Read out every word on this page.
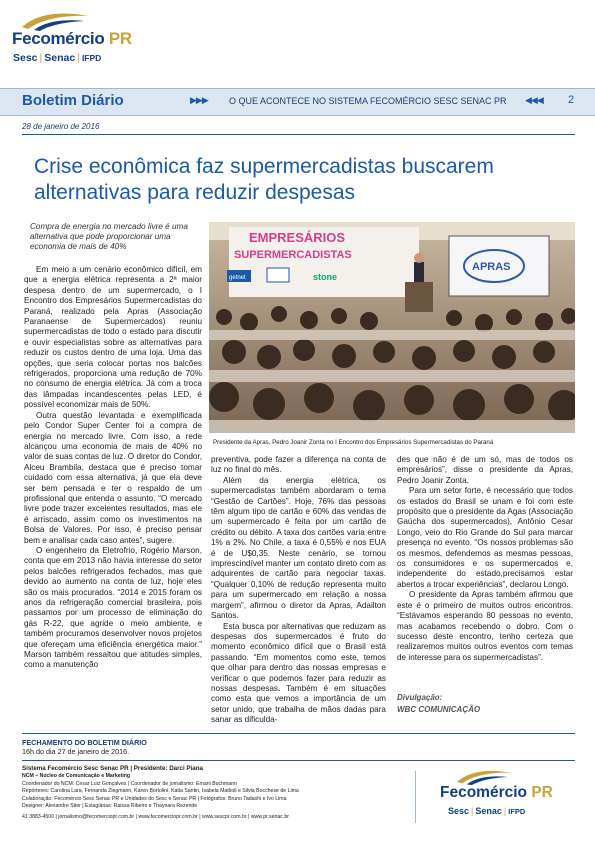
Fecomércio PR
Sesc | Senac | IFPD
Boletim Diário	▶▶▶ O QUE ACONTECE NO SISTEMA FECOMÉRCIO SESC SENAC PR ◀◀◀ 2
28 de janeiro de 2016
Crise econômica faz supermercadistas buscarem
alternativas para reduzir despesas
Compra de energia no mercado livre é uma alternativa que pode proporcionar uma economia de mais de 40%

Em meio a um cenário econômico difícil, em que a energia elétrica representa a 2ª maior despesa dentro de um supermercado, o I Encontro dos Empresários Supermercadistas do Paraná, realizado pela Apras (Associação Paranaense de Supermercados) reuniu supermercadistas de todo o estado para discutir e ouvir especialistas sobre as alternativas para reduzir os custos dentro de uma loja. Uma das opções, que seria colocar portas nos balcões refrigerados, proporciona uma redução de 70% no consumo de energia elétrica. Já com a troca das lâmpadas incandescentes pelas LED, é possível economizar mais de 50%.

Outra questão levantada e exemplificada pelo Condor Super Center foi a compra de energia no mercado livre. Com isso, a rede alcançou uma economia de mais de 40% no valor de suas contas de luz. O diretor do Condor, Alceu Brambila, destaca que é preciso tomar cuidado com essa alternativa, já que ela deve ser bem pensada e ter o respaldo de um profissional que entenda o assunto. “O mercado livre pode trazer excelentes resultados, mas ele é arriscado, assim como os investimentos na Bolsa de Valores. Por isso, é preciso pensar bem e analisar cada caso antes”, sugere.

O engenheiro da Eletrofrio, Rogério Marson, conta que em 2013 não havia interesse do setor pelos balcões refrigerados fechados, mas que devido ao aumento na conta de luz, hoje eles são os mais procurados. “2014 e 2015 foram os anos da refrigeração comercial brasileira, pois passamos por um processo de eliminação do gás R-22, que agride o meio ambiente, e também procuramos desenvolver novos projetos que ofereçam uma eficiência energética maior.” Marson também ressaltou que atitudes simples, como a manutenção

EMPRESÁRIOS
SUPERMERCADISTAS
getnet	stone
APRAS
Presidente da Apras, Pedro Joanir Zonta no I Encontro dos Empresários Supermercadistas do Paraná

preventiva, pode fazer a diferença na conta de luz no final do mês.

Além da energia elétrica, os supermercadistas também abordaram o tema “Gestão de Cartões”. Hoje, 76% das pessoas têm algum tipo de cartão e 60% das vendas de um supermercado é feita por um cartão de crédito ou débito. A taxa dos cartões varia entre 1% a 2%. No Chile, a taxa é 0,55% e nos EUA é de U$0,35. Neste cenário, se tornou imprescindível manter um contato direto com as adquirentes de cartão para negociar taxas. “Qualquer 0,10% de redução representa muito para um supermercado em relação a nossa margem”, afirmou o diretor da Apras, Adailton Santos.

Esta busca por alternativas que reduzam as despesas dos supermercados é fruto do momento econômico difícil que o Brasil está passando. “Em momentos como este, temos que olhar para dentro das nossas empresas e verificar o que podemos fazer para reduzir as nossas despesas. Também é em situações como esta que vemos a importância de um setor unido, que trabalha de mãos dadas para sanar as dificulda-

des que não é de um só, mas de todos os empresários”, disse o presidente da Apras, Pedro Joanir Zonta.

Para um setor forte, é necessário que todos os estados do Brasil se unam e foi com este propósito que o presidente da Agas (Associação Gaúcha dos supermercados), Antônio Cesar Longo, veio do Rio Grande do Sul para marcar presença no evento. “Os nossos problemas são os mesmos, defendemos as mesmas pessoas, os consumidores e os supermercados e, independente do estado,precisamos estar abertos a trocar experiências”, declarou Longo.

O presidente da Apras também afirmou que este é o primeiro de muitos outros encontros. “Estávamos esperando 80 pessoas no evento, mas acabamos recebendo o dobro. Com o sucesso deste encontro, tenho certeza que realizaremos muitos outros eventos com temas de interesse para os supermercadistas”.

Divulgação:
WBC COMUNICAÇÃO
FECHAMENTO DO BOLETIM DIÁRIO
16h do dia 27 de janeiro de 2016.
Sistema Fecomércio Sesc Senac PR | Presidente: Darci Piana
NCM – Núcleo de Comunicação e Marketing
Coordenador do NCM: Cesar Luiz Gonçalves | Coordenador de jornalismo: Emani Buchmann
Repórteres: Carolina Lara, Fernanda Ziegmann, Karen Bortolini, Katia Santin, Isabela Mattioli e Silvia Bocchese de Lima
Colaboração: Fecomércio Sesc Senac PR e Unidades do Sesc e Senac PR | Fotógrafos: Bruno Tadashi e Ivo Lima
Designer: Alexandre Stier | Estagiárias: Raissa Ribeiro e Thaynara Rezende
41 3883-4500 | jornalismo@fecomerciopr.com.br | www.fecomerciopr.com.br | www.sescpr.com.br | www.pr.senac.br
Fecomércio PR
Sesc | Senac | IFPD
